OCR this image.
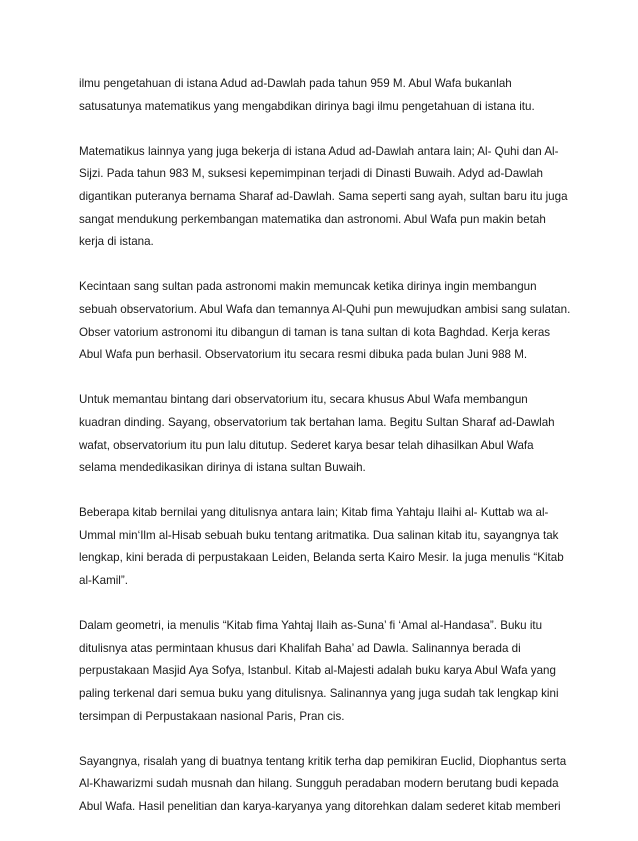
ilmu pengetahuan di istana Adud ad-Dawlah pada tahun 959 M. Abul Wafa bukanlah
satusatunya matematikus yang mengabdikan dirinya bagi ilmu pengetahuan di istana itu.

Matematikus lainnya yang juga bekerja di istana Adud ad-Dawlah antara lain; Al- Quhi dan Al-
Sijzi. Pada tahun 983 M, suksesi kepemimpinan terjadi di Dinasti Buwaih. Adyd ad-Dawlah
digantikan puteranya bernama Sharaf ad-Dawlah. Sama seperti sang ayah, sultan baru itu juga
sangat mendukung perkembangan matematika dan astronomi. Abul Wafa pun makin betah
kerja di istana.

Kecintaan sang sultan pada astronomi makin memuncak ketika dirinya ingin membangun
sebuah observatorium. Abul Wafa dan temannya Al-Quhi pun mewujudkan ambisi sang sulatan.
Obser vatorium astronomi itu dibangun di taman is tana sultan di kota Baghdad. Kerja keras
Abul Wafa pun berhasil. Observatorium itu secara resmi dibuka pada bulan Juni 988 M.

Untuk memantau bintang dari observatorium itu, secara khusus Abul Wafa membangun
kuadran dinding. Sayang, observatorium tak bertahan lama. Begitu Sultan Sharaf ad-Dawlah
wafat, observatorium itu pun lalu ditutup. Sederet karya besar telah dihasilkan Abul Wafa
selama mendedikasikan dirinya di istana sultan Buwaih.

Beberapa kitab bernilai yang ditulisnya antara lain; Kitab fima Yahtaju Ilaihi al- Kuttab wa al-
Ummal min‘Ilm al-Hisab sebuah buku tentang aritmatika. Dua salinan kitab itu, sayangnya tak
lengkap, kini berada di perpustakaan Leiden, Belanda serta Kairo Mesir. Ia juga menulis “Kitab
al-Kamil”.

Dalam geometri, ia menulis “Kitab fima Yahtaj Ilaih as-Suna’ fi ‘Amal al-Handasa”. Buku itu
ditulisnya atas permintaan khusus dari Khalifah Baha’ ad Dawla. Salinannya berada di
perpustakaan Masjid Aya Sofya, Istanbul. Kitab al-Majesti adalah buku karya Abul Wafa yang
paling terkenal dari semua buku yang ditulisnya. Salinannya yang juga sudah tak lengkap kini
tersimpan di Perpustakaan nasional Paris, Pran cis.

Sayangnya, risalah yang di buatnya tentang kritik terha dap pemikiran Euclid, Diophantus serta
Al-Khawarizmi sudah musnah dan hilang. Sungguh peradaban modern berutang budi kepada
Abul Wafa. Hasil penelitian dan karya-karyanya yang ditorehkan dalam sederet kitab memberi
